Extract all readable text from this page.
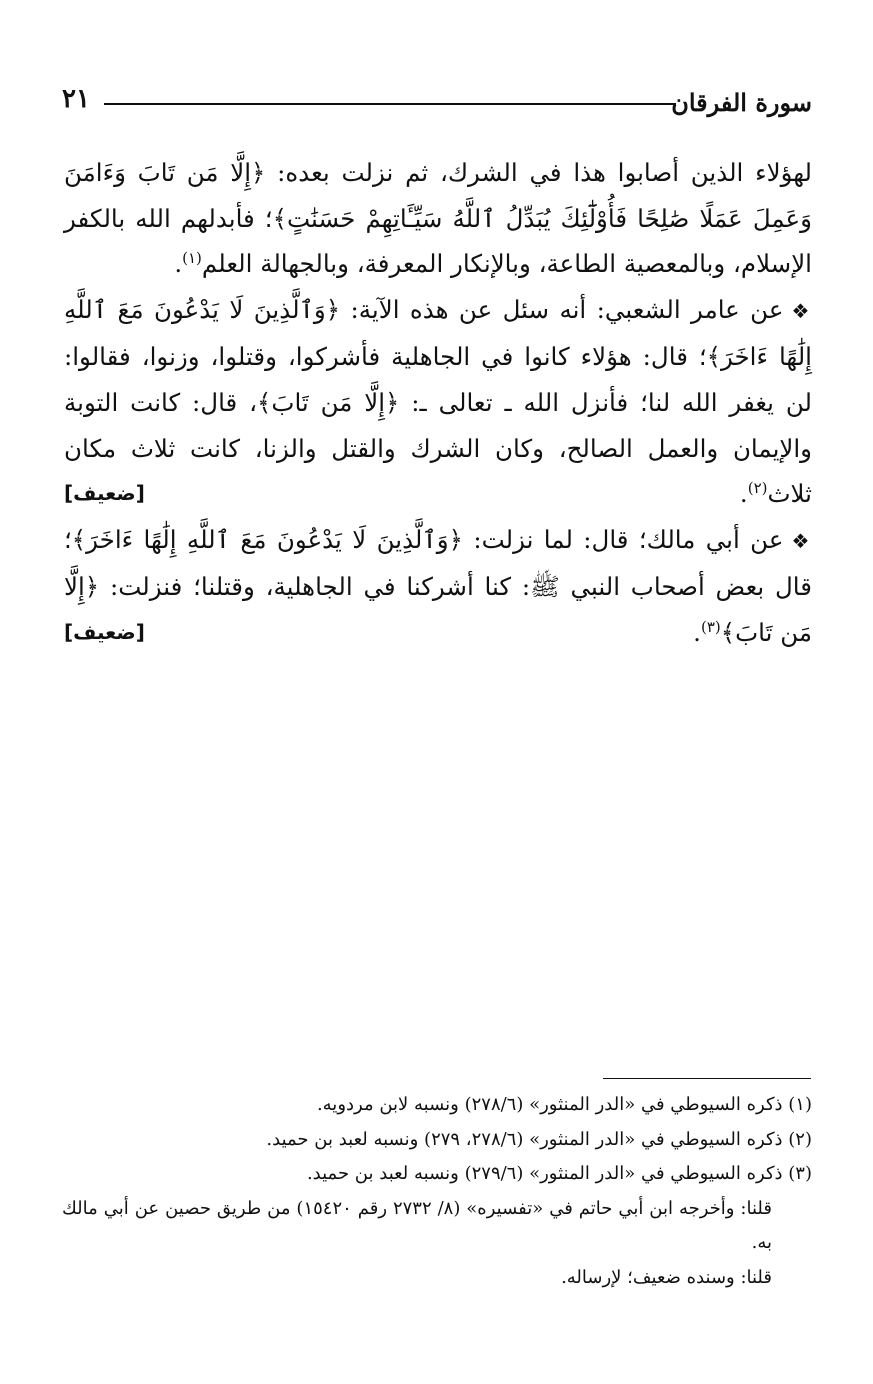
سورة الفرقان
٢١

لهؤلاء الذين أصابوا هذا في الشرك، ثم نزلت بعده: ﴿إِلَّا مَن تَابَ وَءَامَنَ وَعَمِلَ عَمَلًا صَٰلِحًا فَأُوْلَٰٓئِكَ يُبَدِّلُ ٱللَّهُ سَيِّـَٔاتِهِمْ حَسَنَٰتٍ﴾؛ فأبدلهم الله بالكفر الإسلام، وبالمعصية الطاعة، وبالإنكار المعرفة، وبالجهالة العلم$^{(١)}$.

❖عن عامر الشعبي: أنه سئل عن هذه الآية: ﴿وَٱلَّذِينَ لَا يَدْعُونَ مَعَ ٱللَّهِ إِلَٰهًا ءَاخَرَ﴾؛ قال: هؤلاء كانوا في الجاهلية فأشركوا، وقتلوا، وزنوا، فقالوا: لن يغفر الله لنا؛ فأنزل الله ـ تعالى ـ: ﴿إِلَّا مَن تَابَ﴾، قال: كانت التوبة والإيمان والعمل الصالح، وكان الشرك والقتل والزنا، كانت ثلاث مكان ثلاث$^{(٢)}$.
[ضعيف]

❖عن أبي مالك؛ قال: لما نزلت: ﴿وَٱلَّذِينَ لَا يَدْعُونَ مَعَ ٱللَّهِ إِلَٰهًا ءَاخَرَ﴾؛ قال بعض أصحاب النبي ﷺ: كنا أشركنا في الجاهلية، وقتلنا؛ فنزلت: ﴿إِلَّا مَن تَابَ﴾$^{(٣)}$.
[ضعيف]

(١) ذكره السيوطي في «الدر المنثور» (٢٧٨/٦) ونسبه لابن مردويه.

(٢) ذكره السيوطي في «الدر المنثور» (٢٧٨/٦، ٢٧٩) ونسبه لعبد بن حميد.

(٣) ذكره السيوطي في «الدر المنثور» (٢٧٩/٦) ونسبه لعبد بن حميد.

قلنا: وأخرجه ابن أبي حاتم في «تفسيره» (٨/ ٢٧٣٢ رقم ١٥٤٢٠) من طريق حصين عن أبي مالك به.

قلنا: وسنده ضعيف؛ لإرساله.
